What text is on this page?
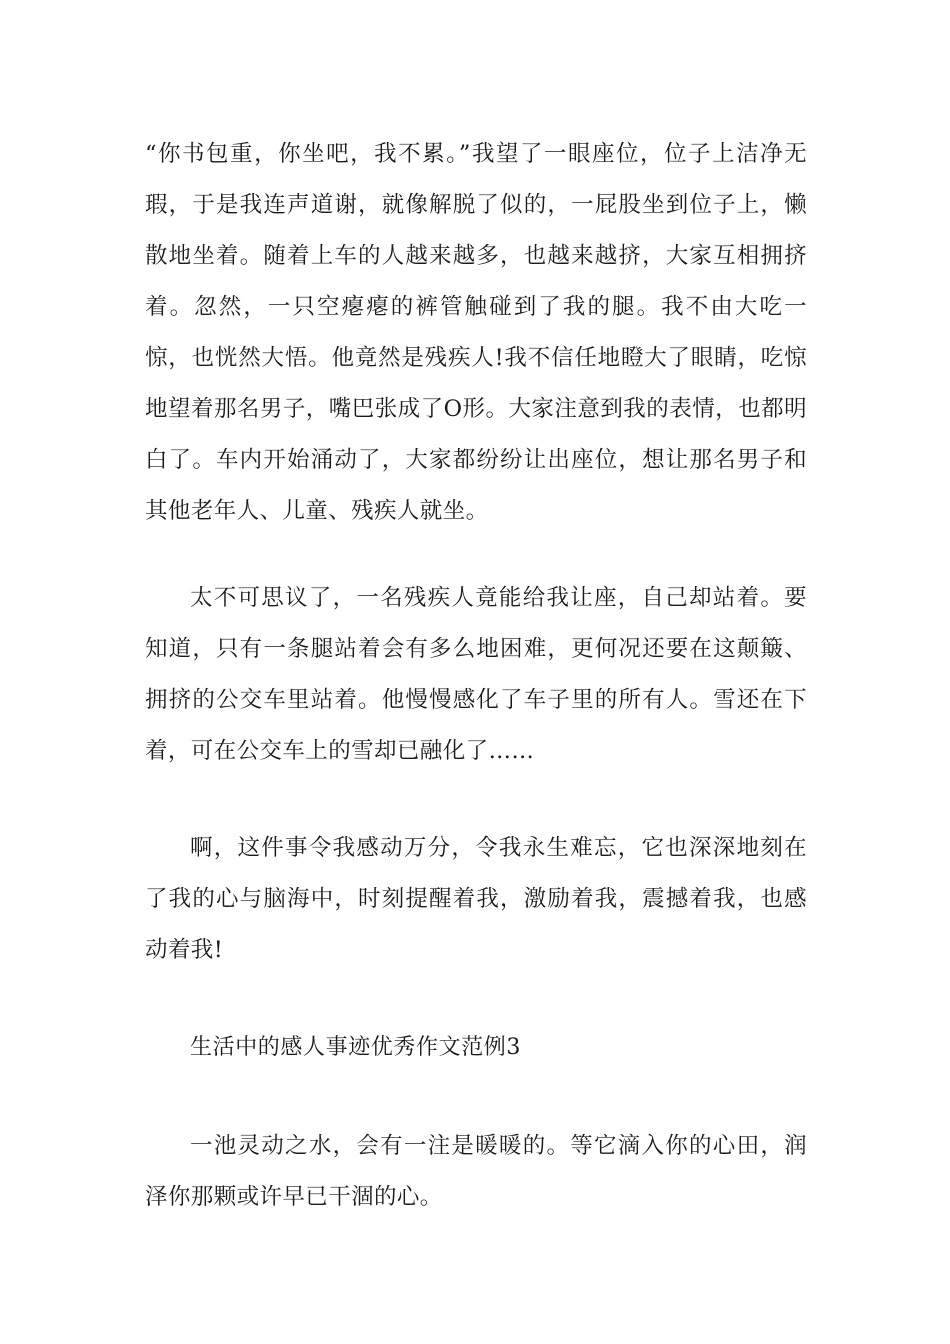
“你书包重，你坐吧，我不累。”我望了一眼座位，位子上洁净无瑕，于是我连声道谢，就像解脱了似的，一屁股坐到位子上，懒散地坐着。随着上车的人越来越多，也越来越挤，大家互相拥挤着。忽然，一只空瘪瘪的裤管触碰到了我的腿。我不由大吃一惊，也恍然大悟。他竟然是残疾人!我不信任地瞪大了眼睛，吃惊地望着那名男子，嘴巴张成了O形。大家注意到我的表情，也都明白了。车内开始涌动了，大家都纷纷让出座位，想让那名男子和其他老年人、儿童、残疾人就坐。

太不可思议了，一名残疾人竟能给我让座，自己却站着。要知道，只有一条腿站着会有多么地困难，更何况还要在这颠簸、拥挤的公交车里站着。他慢慢感化了车子里的所有人。雪还在下着，可在公交车上的雪却已融化了……

啊，这件事令我感动万分，令我永生难忘，它也深深地刻在了我的心与脑海中，时刻提醒着我，激励着我，震撼着我，也感动着我!

生活中的感人事迹优秀作文范例3

一池灵动之水，会有一注是暖暖的。等它滴入你的心田，润泽你那颗或许早已干涸的心。
